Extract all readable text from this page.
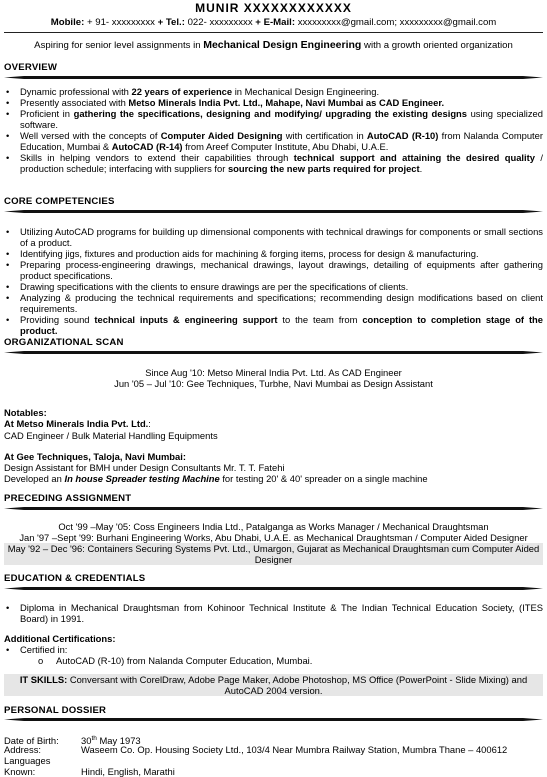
MUNIR XXXXXXXXXXXX
Mobile: + 91- xxxxxxxxx + Tel.: 022- xxxxxxxxx + E-Mail: xxxxxxxxx@gmail.com; xxxxxxxxx@gmail.com
Aspiring for senior level assignments in Mechanical Design Engineering with a growth oriented organization
OVERVIEW
• Dynamic professional with 22 years of experience in Mechanical Design Engineering.
• Presently associated with Metso Minerals India Pvt. Ltd., Mahape, Navi Mumbai as CAD Engineer.
• Proficient in gathering the specifications, designing and modifying/ upgrading the existing designs using specialized software.
• Well versed with the concepts of Computer Aided Designing with certification in AutoCAD (R-10) from Nalanda Computer Education, Mumbai & AutoCAD (R-14) from Areef Computer Institute, Abu Dhabi, U.A.E.
• Skills in helping vendors to extend their capabilities through technical support and attaining the desired quality / production schedule; interfacing with suppliers for sourcing the new parts required for project.
CORE COMPETENCIES
• Utilizing AutoCAD programs for building up dimensional components with technical drawings for components or small sections of a product.
• Identifying jigs, fixtures and production aids for machining & forging items, process for design & manufacturing.
• Preparing process-engineering drawings, mechanical drawings, layout drawings, detailing of equipments after gathering product specifications.
• Drawing specifications with the clients to ensure drawings are per the specifications of clients.
• Analyzing & producing the technical requirements and specifications; recommending design modifications based on client requirements.
• Providing sound technical inputs & engineering support to the team from conception to completion stage of the product.
ORGANIZATIONAL SCAN
Since Aug '10: Metso Mineral India Pvt. Ltd. As CAD Engineer
Jun '05 – Jul '10: Gee Techniques, Turbhe, Navi Mumbai as Design Assistant
Notables:
At Metso Minerals India Pvt. Ltd.:
CAD Engineer / Bulk Material Handling Equipments
At Gee Techniques, Taloja, Navi Mumbai:
Design Assistant for BMH under Design Consultants Mr. T. T. Fatehi
Developed an In house Spreader testing Machine for testing 20' & 40' spreader on a single machine
PRECEDING ASSIGNMENT
Oct '99 –May '05: Coss Engineers India Ltd., Patalganga as Works Manager / Mechanical Draughtsman
Jan '97 –Sept '99: Burhani Engineering Works, Abu Dhabi, U.A.E. as Mechanical Draughtsman / Computer Aided Designer
May '92 – Dec '96: Containers Securing Systems Pvt. Ltd., Umargon, Gujarat as Mechanical Draughtsman cum Computer Aided Designer
EDUCATION & CREDENTIALS
• Diploma in Mechanical Draughtsman from Kohinoor Technical Institute & The Indian Technical Education Society, (ITES Board) in 1991.
Additional Certifications:
• Certified in:
o AutoCAD (R-10) from Nalanda Computer Education, Mumbai.
IT SKILLS: Conversant with CorelDraw, Adobe Page Maker, Adobe Photoshop, MS Office (PowerPoint - Slide Mixing) and AutoCAD 2004 version.
PERSONAL DOSSIER
Date of Birth: 30th May 1973
Address:	Waseem Co. Op. Housing Society Ltd., 103/4 Near Mumbra Railway Station, Mumbra Thane – 400612
Languages Known:	Hindi, English, Marathi
